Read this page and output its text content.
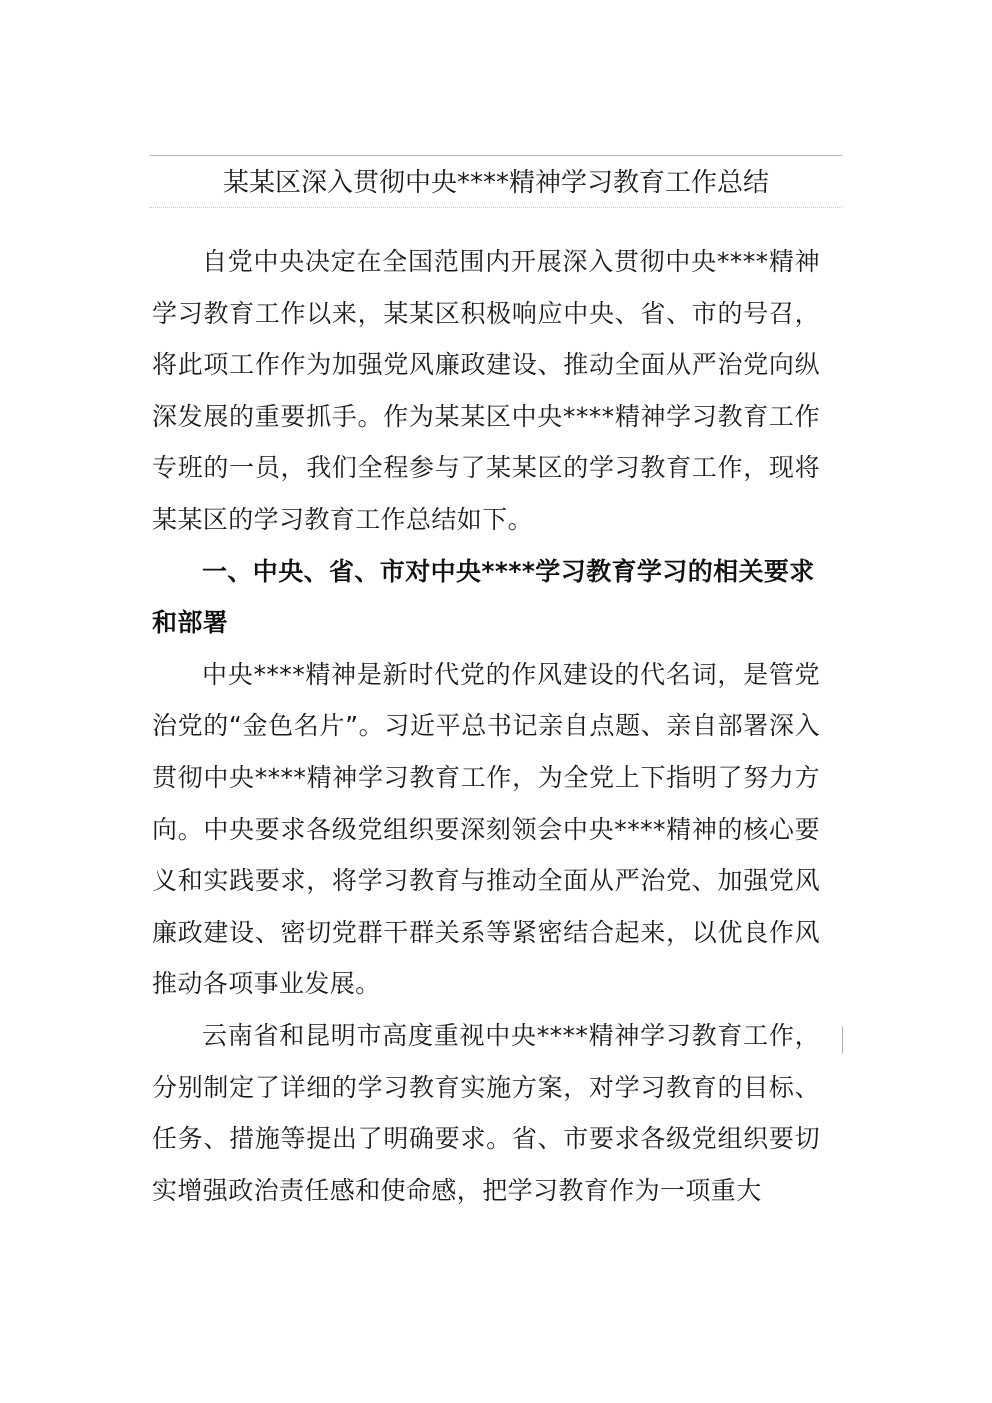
某某区深入贯彻中央****精神学习教育工作总结

自党中央决定在全国范围内开展深入贯彻中央****精神学习教育工作以来，某某区积极响应中央、省、市的号召，将此项工作作为加强党风廉政建设、推动全面从严治党向纵深发展的重要抓手。作为某某区中央****精神学习教育工作专班的一员，我们全程参与了某某区的学习教育工作，现将某某区的学习教育工作总结如下。

一、中央、省、市对中央****学习教育学习的相关要求和部署

中央****精神是新时代党的作风建设的代名词，是管党治党的“金色名片”。习近平总书记亲自点题、亲自部署深入贯彻中央****精神学习教育工作，为全党上下指明了努力方向。中央要求各级党组织要深刻领会中央****精神的核心要义和实践要求，将学习教育与推动全面从严治党、加强党风廉政建设、密切党群干群关系等紧密结合起来，以优良作风推动各项事业发展。

云南省和昆明市高度重视中央****精神学习教育工作，分别制定了详细的学习教育实施方案，对学习教育的目标、任务、措施等提出了明确要求。省、市要求各级党组织要切实增强政治责任感和使命感，把学习教育作为一项重大
